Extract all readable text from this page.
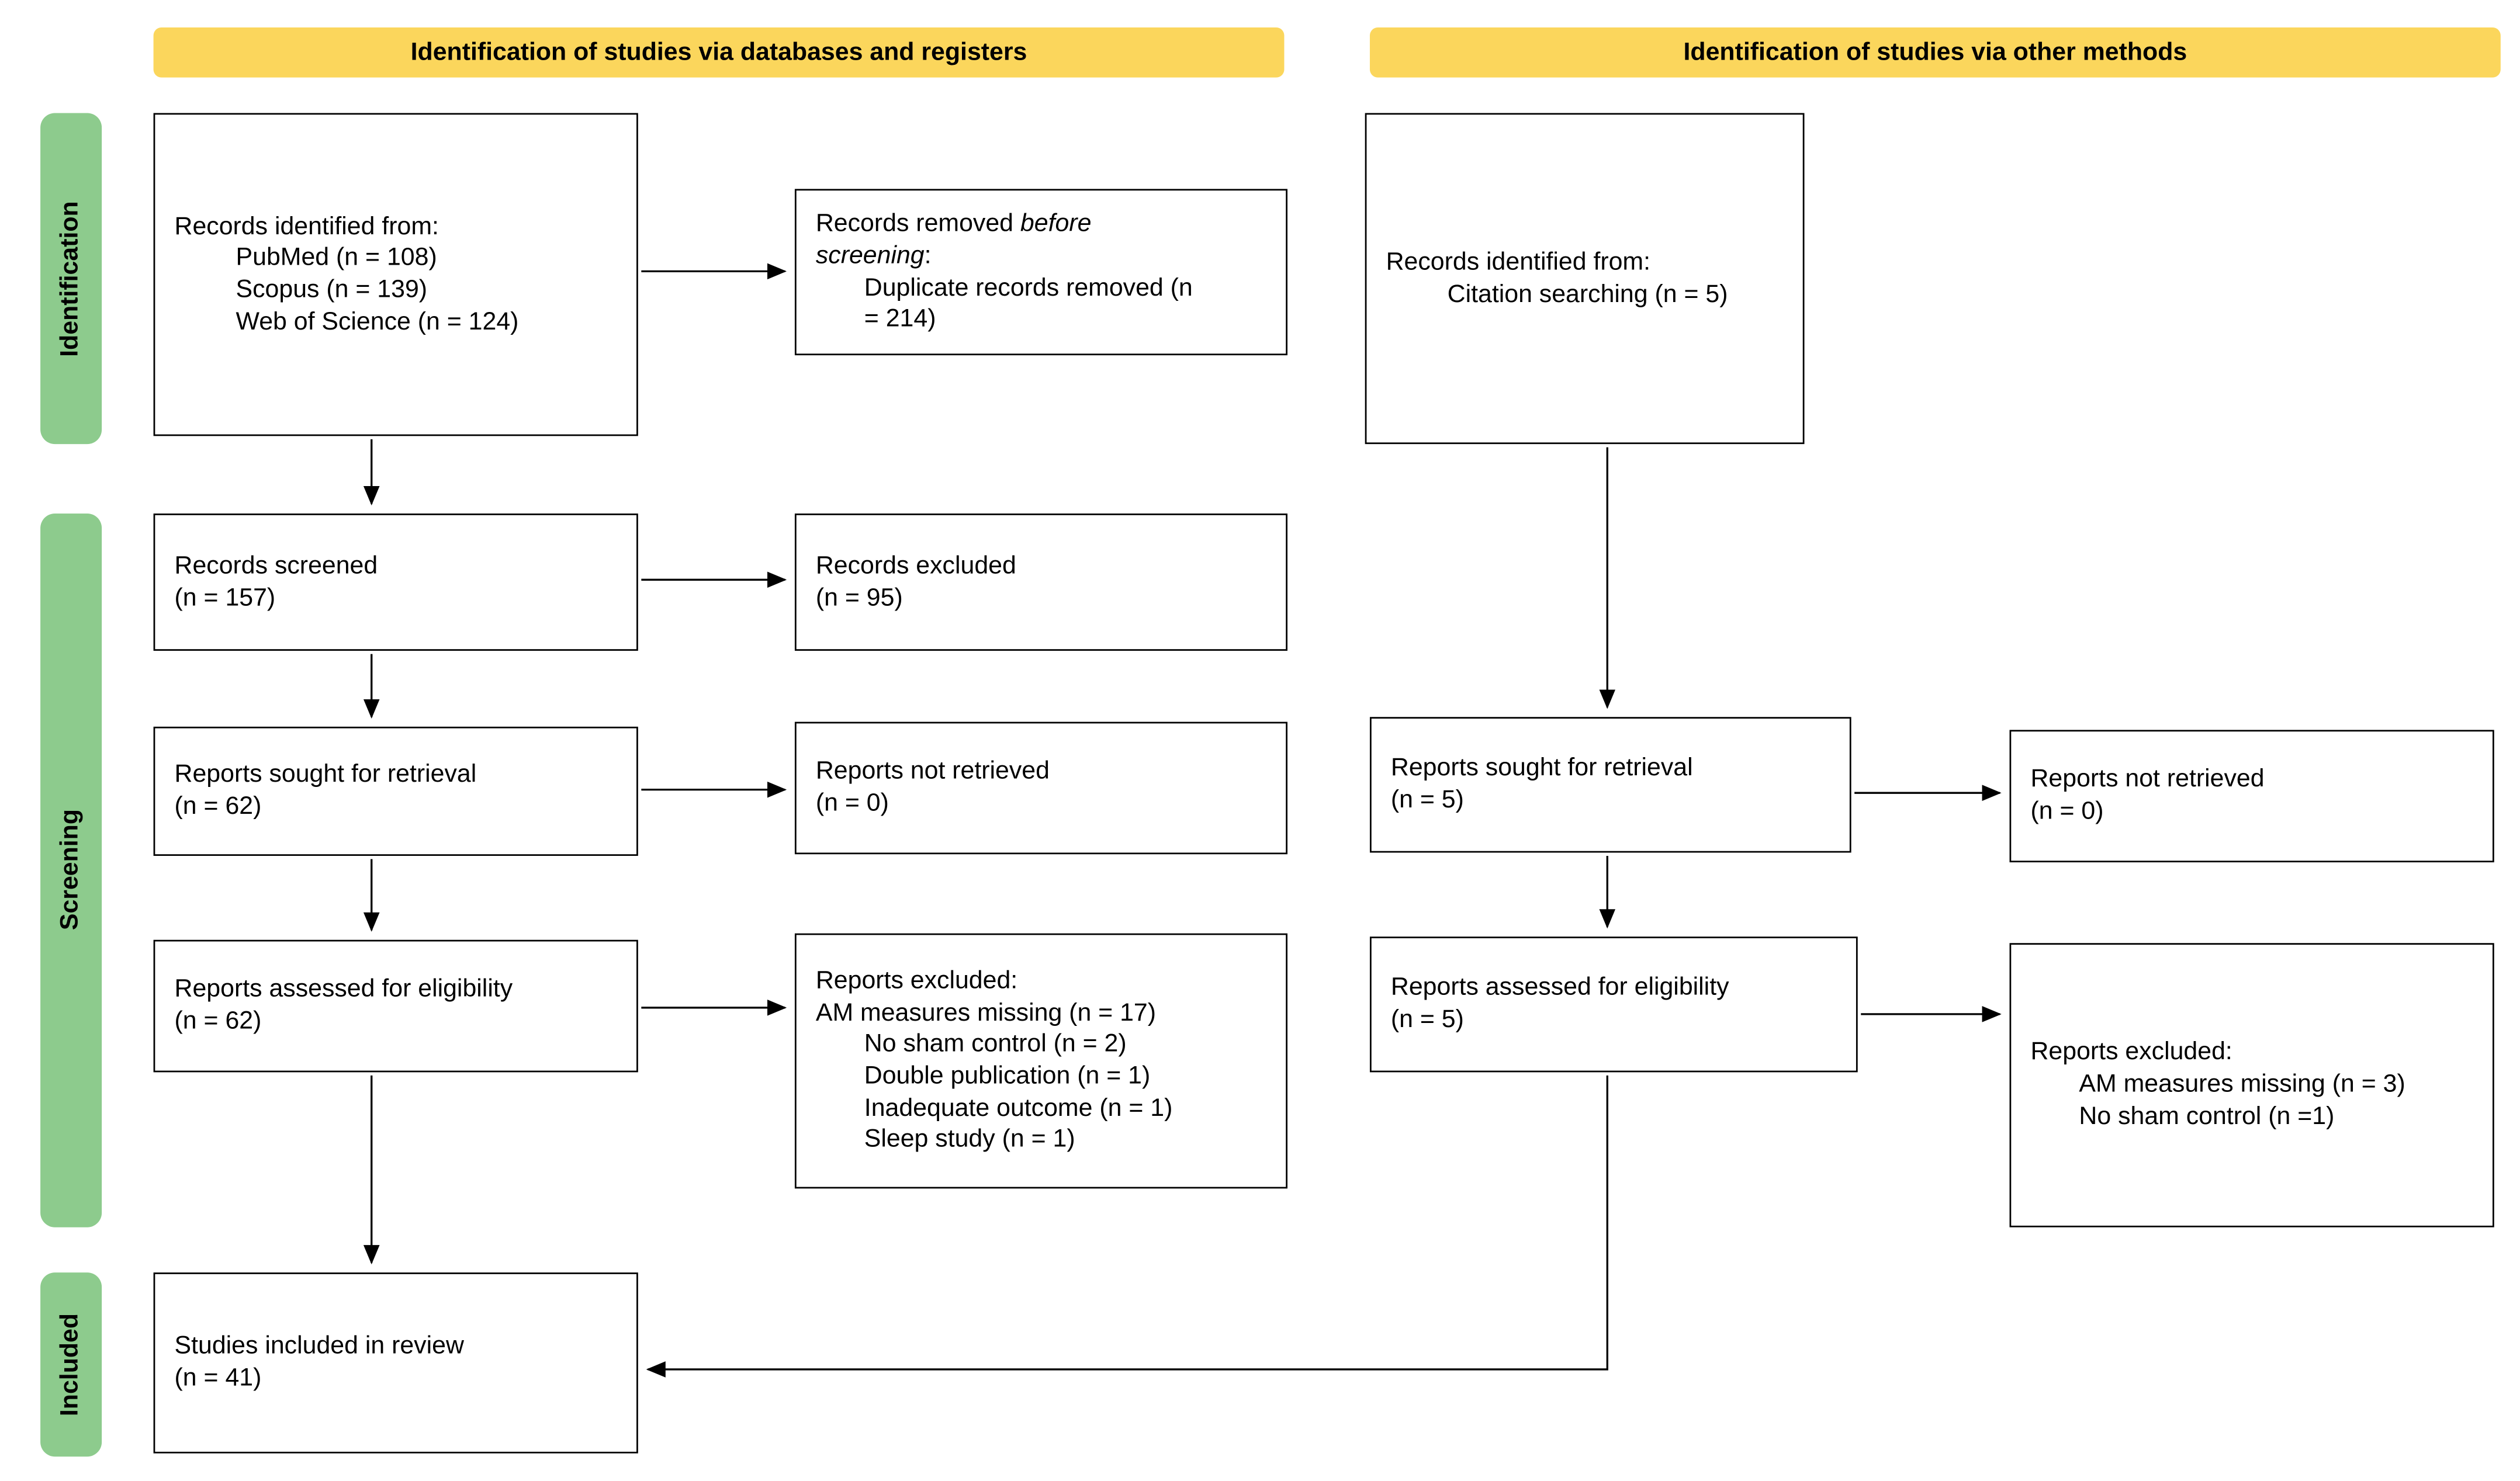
Identification of studies via databases and registers	Identification of studies via other methods
Identification
Screening
Included
Records identified from:
PubMed (n = 108)
Scopus (n = 139)
Web of Science (n = 124)
Records removed before screening:
Duplicate records removed (n = 214)
Records screened
(n = 157)
Records excluded
(n = 95)
Reports sought for retrieval
(n = 62)
Reports not retrieved
(n = 0)
Reports assessed for eligibility
(n = 62)
Reports excluded:
AM measures missing (n = 17)
No sham control (n = 2)
Double publication (n = 1)
Inadequate outcome (n = 1)
Sleep study (n = 1)
Studies included in review
(n = 41)
Records identified from:
Citation searching (n = 5)
Reports sought for retrieval
(n = 5)
Reports not retrieved
(n = 0)
Reports assessed for eligibility
(n = 5)
Reports excluded:
AM measures missing (n = 3)
No sham control (n =1)
